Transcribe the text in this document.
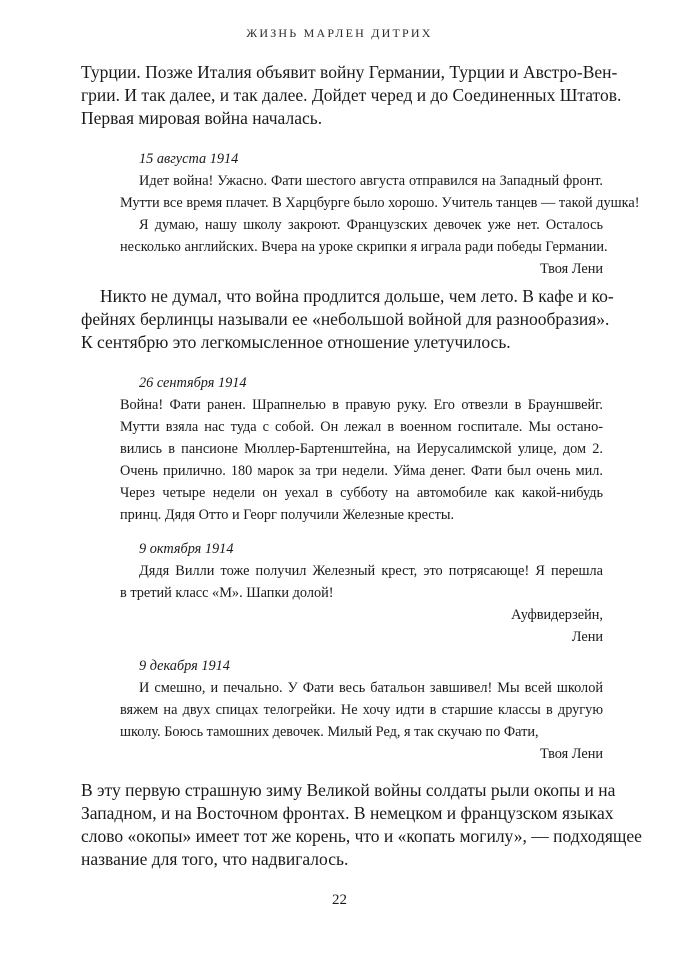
ЖИЗНЬ МАРЛЕН ДИТРИХ
Турции. Позже Италия объявит войну Германии, Турции и Австро-Вен-
грии. И так далее, и так далее. Дойдет черед и до Соединенных Штатов.
Первая мировая война началась.
15 августа 1914
Идет война! Ужасно. Фати шестого августа отправился на Западный фронт.
Мутти все время плачет. В Харцбурге было хорошо. Учитель танцев — такой душка!
Я думаю, нашу школу закроют. Французских девочек уже нет. Осталось
несколько английских. Вчера на уроке скрипки я играла ради победы Германии.
Твоя Лени
Никто не думал, что война продлится дольше, чем лето. В кафе и ко-
фейнях берлинцы называли ее «небольшой войной для разнообразия».
К сентябрю это легкомысленное отношение улетучилось.
26 сентября 1914
Война! Фати ранен. Шрапнелью в правую руку. Его отвезли в Брауншвейг.
Мутти взяла нас туда с собой. Он лежал в военном госпитале. Мы остано-
вились в пансионе Мюллер-Бартенштейна, на Иерусалимской улице, дом 2.
Очень прилично. 180 марок за три недели. Уйма денег. Фати был очень мил.
Через четыре недели он уехал в субботу на автомобиле как какой-нибудь
принц. Дядя Отто и Георг получили Железные кресты.
9 октября 1914
Дядя Вилли тоже получил Железный крест, это потрясающе! Я перешла
в третий класс «М». Шапки долой!
Ауфвидерзейн,
Лени
9 декабря 1914
И смешно, и печально. У Фати весь батальон завшивел! Мы всей школой
вяжем на двух спицах телогрейки. Не хочу идти в старшие классы в другую
школу. Боюсь тамошних девочек. Милый Ред, я так скучаю по Фати,
Твоя Лени
В эту первую страшную зиму Великой войны солдаты рыли окопы и на
Западном, и на Восточном фронтах. В немецком и французском языках
слово «окопы» имеет тот же корень, что и «копать могилу», — подходящее
название для того, что надвигалось.
22
